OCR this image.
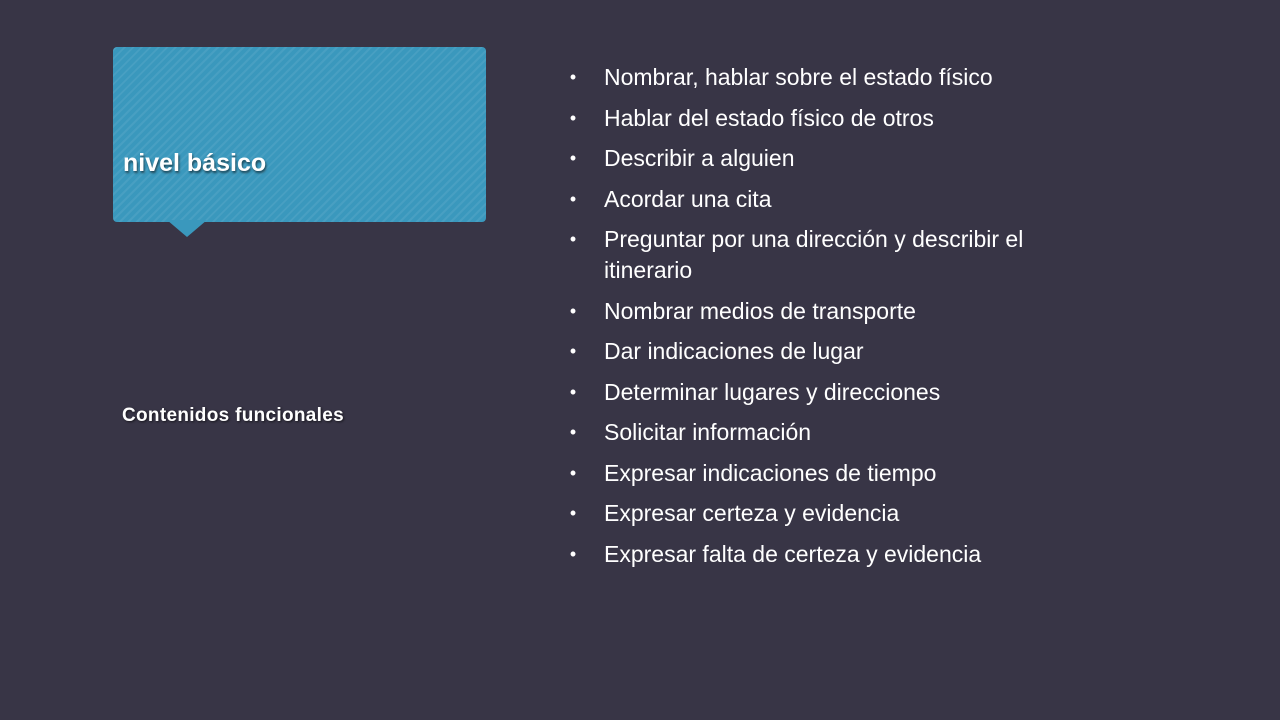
nivel básico
Contenidos funcionales
• Nombrar, hablar sobre el estado físico
• Hablar del estado físico de otros
• Describir a alguien
• Acordar una cita
• Preguntar por una dirección y describir el itinerario
• Nombrar medios de transporte
• Dar indicaciones de lugar
• Determinar lugares y direcciones
• Solicitar información
• Expresar indicaciones de tiempo
• Expresar certeza y evidencia
• Expresar falta de certeza y evidencia
